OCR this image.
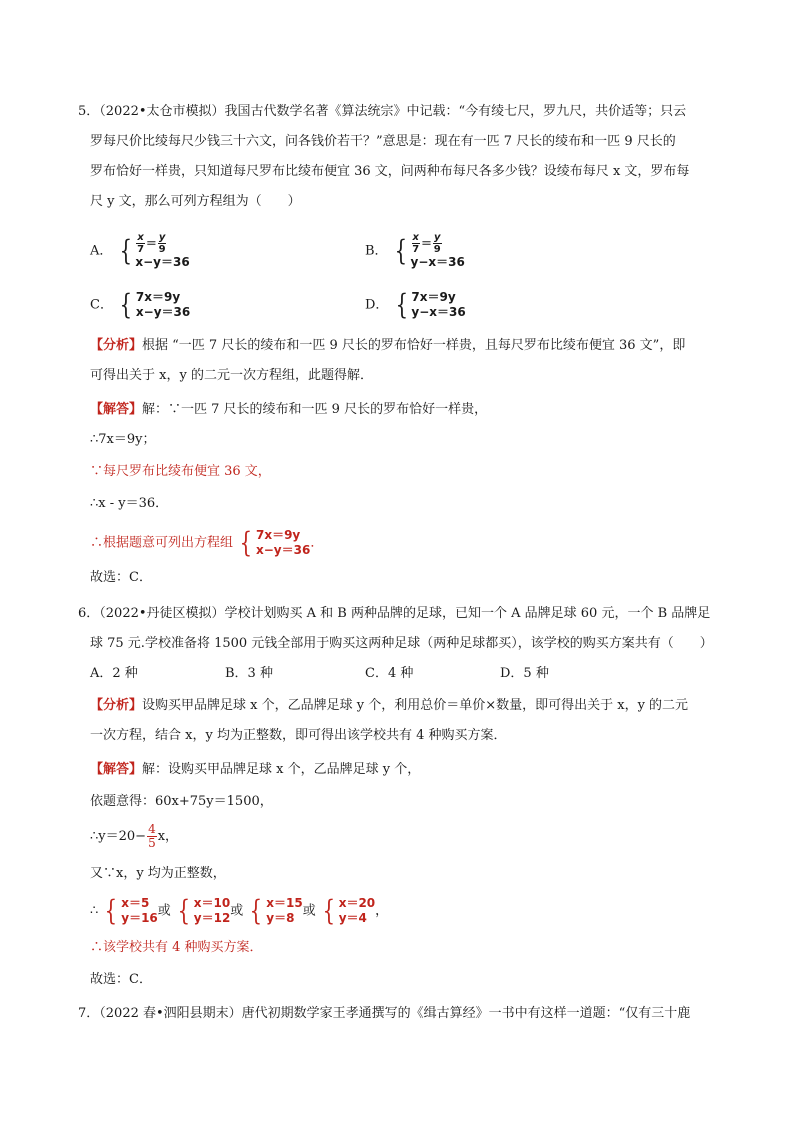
5．（2022•太仓市模拟）我国古代数学名著《算法统宗》中记载：“今有绫七尺，罗九尺，共价适等；只云
罗每尺价比绫每尺少钱三十六文，问各钱价若干？”意思是：现在有一匹 7 尺长的绫布和一匹 9 尺长的
罗布恰好一样贵，只知道每尺罗布比绫布便宜 36 文，问两种布每尺各多少钱？设绫布每尺 x 文，罗布每
尺 y 文，那么可列方程组为（　　）
A． { $\frac{x}{7} = \frac{y}{9}$
x−y＝36
B． { $\frac{x}{7} = \frac{y}{9}$
y−x＝36
C． { 7x＝9y
x−y＝36	D． { 7x＝9y
y−x＝36
【分析】根据 “一匹 7 尺长的绫布和一匹 9 尺长的罗布恰好一样贵，且每尺罗布比绫布便宜 36 文”，即
可得出关于 x，y 的二元一次方程组，此题得解．
【解答】解：∵一匹 7 尺长的绫布和一匹 9 尺长的罗布恰好一样贵，
∴7x＝9y；
∵每尺罗布比绫布便宜 36 文，
∴x - y＝36．
∴根据题意可列出方程组 { 7x＝9y
x−y＝36 ．
故选：C．
6．（2022•丹徒区模拟）学校计划购买 A 和 B 两种品牌的足球，已知一个 A 品牌足球 60 元，一个 B 品牌足
球 75 元.学校准备将 1500 元钱全部用于购买这两种足球（两种足球都买），该学校的购买方案共有（　　）
A．2 种	B．3 种	C．4 种	D．5 种
【分析】设购买甲品牌足球 x 个，乙品牌足球 y 个，利用总价＝单价×数量，即可得出关于 x，y 的二元
一次方程，结合 x，y 均为正整数，即可得出该学校共有 4 种购买方案．
【解答】解：设购买甲品牌足球 x 个，乙品牌足球 y 个，
依题意得：60x+75y＝1500，
∴y＝20− $\frac{4}{5}$ x，
又∵x，y 均为正整数，
∴ { x＝5
y＝16 或 { x＝10
y＝12 或 { x＝15
y＝8 或 { x＝20
y＝4 ，
∴该学校共有 4 种购买方案．
故选：C．
7．（2022 春•泗阳县期末）唐代初期数学家王孝通撰写的《缉古算经》一书中有这样一道题：“仅有三十鹿
